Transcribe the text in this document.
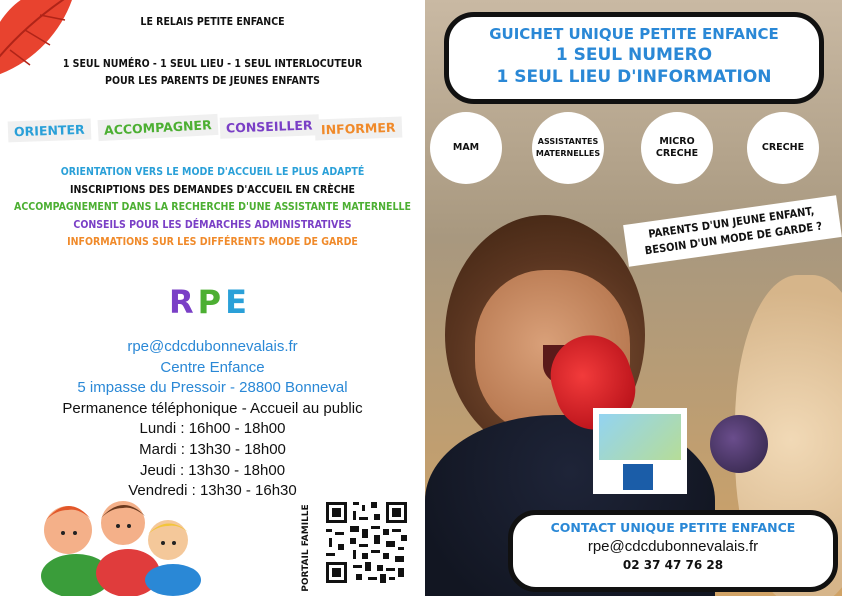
LE RELAIS PETITE ENFANCE
1 SEUL NUMÉRO - 1 SEUL LIEU - 1 SEUL INTERLOCUTEUR
POUR LES PARENTS DE JEUNES ENFANTS
ORIENTER	ACCOMPAGNER	CONSEILLER INFORMER
ORIENTATION VERS LE MODE D'ACCUEIL LE PLUS ADAPTÉ
INSCRIPTIONS DES DEMANDES D'ACCUEIL EN CRÈCHE
ACCOMPAGNEMENT DANS LA RECHERCHE D'UNE ASSISTANTE MATERNELLE
CONSEILS POUR LES DÉMARCHES ADMINISTRATIVES
INFORMATIONS SUR LES DIFFÉRENTS MODE DE GARDE
RPE
rpe@cdcdubonnevalais.fr
Centre Enfance
5 impasse du Pressoir - 28800 Bonneval
Permanence téléphonique - Accueil au public
Lundi : 16h00 - 18h00
Mardi : 13h30 - 18h00
Jeudi : 13h30 - 18h00
Vendredi : 13h30 - 16h30
PORTAIL FAMILLE
GUICHET UNIQUE PETITE ENFANCE
1 SEUL NUMERO
1 SEUL LIEU D'INFORMATION
MAM
ASSISTANTES MATERNELLES
MICRO CRECHE
CRECHE
PARENTS D'UN JEUNE ENFANT, BESOIN D'UN MODE DE GARDE ?
CONTACT UNIQUE PETITE ENFANCE
rpe@cdcdubonnevalais.fr
02 37 47 76 28
